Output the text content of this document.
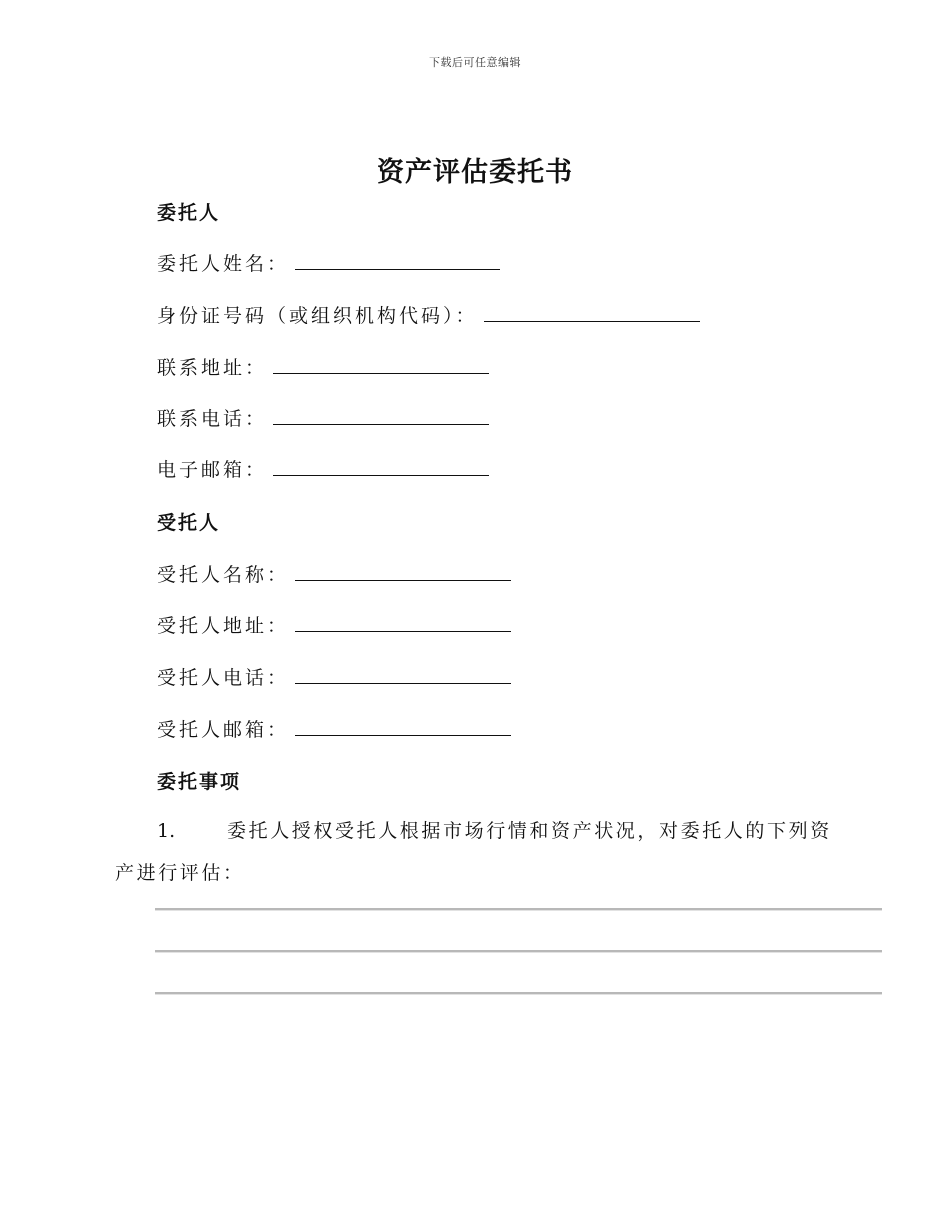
下载后可任意编辑
资产评估委托书
委托人
委托人姓名：
身份证号码（或组织机构代码）：
联系地址：
联系电话：
电子邮箱：
受托人
受托人名称：
受托人地址：
受托人电话：
受托人邮箱：
委托事项
1.	委托人授权受托人根据市场行情和资产状况，对委托人的下列资产进行评估：
